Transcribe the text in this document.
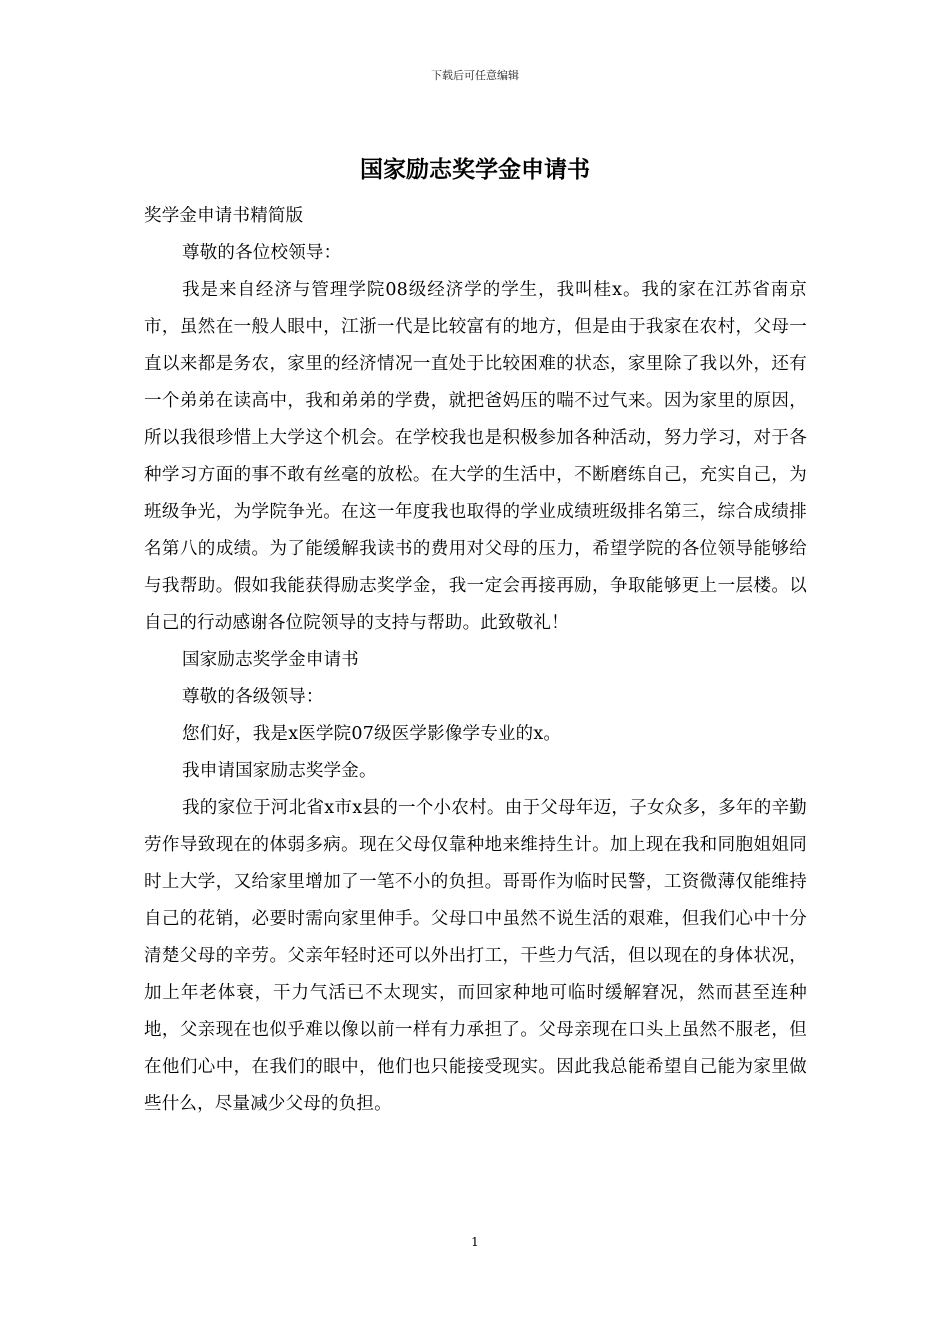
下载后可任意编辑
国家励志奖学金申请书

奖学金申请书精简版

尊敬的各位校领导：

我是来自经济与管理学院08级经济学的学生，我叫桂x。我的家在江苏省南京市，虽然在一般人眼中，江浙一代是比较富有的地方，但是由于我家在农村，父母一直以来都是务农，家里的经济情况一直处于比较困难的状态，家里除了我以外，还有一个弟弟在读高中，我和弟弟的学费，就把爸妈压的喘不过气来。因为家里的原因，所以我很珍惜上大学这个机会。在学校我也是积极参加各种活动，努力学习，对于各种学习方面的事不敢有丝毫的放松。在大学的生活中，不断磨练自己，充实自己，为班级争光，为学院争光。在这一年度我也取得的学业成绩班级排名第三，综合成绩排名第八的成绩。为了能缓解我读书的费用对父母的压力，希望学院的各位领导能够给与我帮助。假如我能获得励志奖学金，我一定会再接再励，争取能够更上一层楼。以自己的行动感谢各位院领导的支持与帮助。此致敬礼！

国家励志奖学金申请书

尊敬的各级领导：

您们好，我是x医学院07级医学影像学专业的x。

我申请国家励志奖学金。

我的家位于河北省x市x县的一个小农村。由于父母年迈，子女众多，多年的辛勤劳作导致现在的体弱多病。现在父母仅靠种地来维持生计。加上现在我和同胞姐姐同时上大学，又给家里增加了一笔不小的负担。哥哥作为临时民警，工资微薄仅能维持自己的花销，必要时需向家里伸手。父母口中虽然不说生活的艰难，但我们心中十分清楚父母的辛劳。父亲年轻时还可以外出打工，干些力气活，但以现在的身体状况，加上年老体衰，干力气活已不太现实，而回家种地可临时缓解窘况，然而甚至连种地，父亲现在也似乎难以像以前一样有力承担了。父母亲现在口头上虽然不服老，但在他们心中，在我们的眼中，他们也只能接受现实。因此我总能希望自己能为家里做些什么，尽量减少父母的负担。

1
